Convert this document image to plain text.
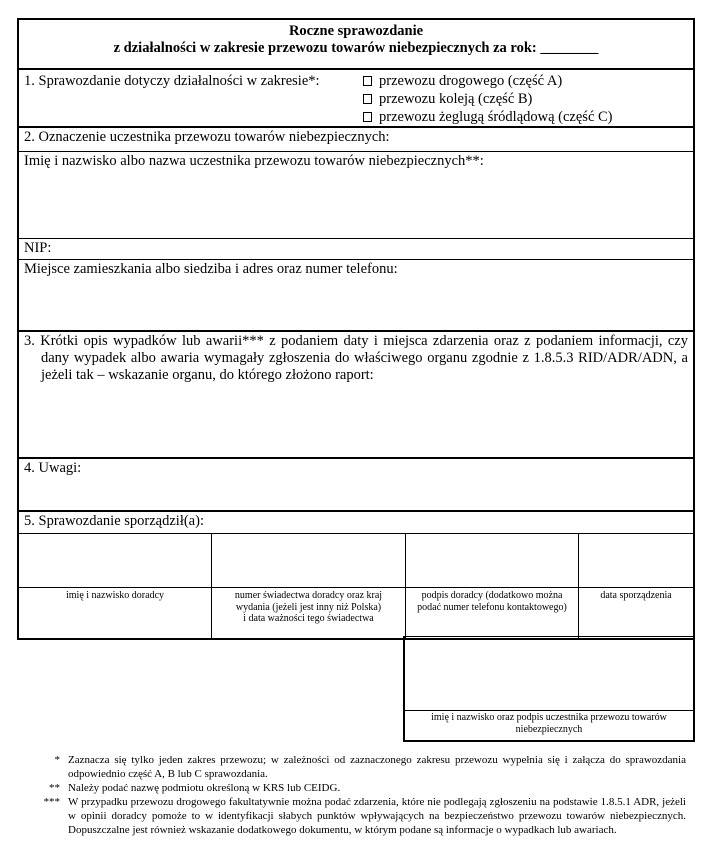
Roczne sprawozdanie
z działalności w zakresie przewozu towarów niebezpiecznych za rok: ________
1. Sprawozdanie dotyczy działalności w zakresie*:	przewozu drogowego (część A)
przewozu koleją (część B)
przewozu żeglugą śródlądową (część C)
2. Oznaczenie uczestnika przewozu towarów niebezpiecznych:
Imię i nazwisko albo nazwa uczestnika przewozu towarów niebezpiecznych**:
NIP:
Miejsce zamieszkania albo siedziba i adres oraz numer telefonu:
3. Krótki opis wypadków lub awarii*** z podaniem daty i miejsca zdarzenia oraz z podaniem informacji, czy dany wypadek albo awaria wymagały zgłoszenia do właściwego organu zgodnie z 1.8.5.3 RID/ADR/ADN, a jeżeli tak – wskazanie organu, do którego złożono raport:
4. Uwagi:
5. Sprawozdanie sporządził(a):
imię i nazwisko doradcy	numer świadectwa doradcy oraz kraj wydania (jeżeli jest inny niż Polska) i data ważności tego świadectwa
podpis doradcy (dodatkowo można podać numer telefonu kontaktowego)
data sporządzenia
imię i nazwisko oraz podpis uczestnika przewozu towarów niebezpiecznych
* Zaznacza się tylko jeden zakres przewozu; w zależności od zaznaczonego zakresu przewozu wypełnia się i załącza do sprawozdania odpowiednio część A, B lub C sprawozdania.
** Należy podać nazwę podmiotu określoną w KRS lub CEIDG.
*** W przypadku przewozu drogowego fakultatywnie można podać zdarzenia, które nie podlegają zgłoszeniu na podstawie 1.8.5.1 ADR, jeżeli w opinii doradcy pomoże to w identyfikacji słabych punktów wpływających na bezpieczeństwo przewozu towarów niebezpiecznych. Dopuszczalne jest również wskazanie dodatkowego dokumentu, w którym podane są informacje o wypadkach lub awariach.
